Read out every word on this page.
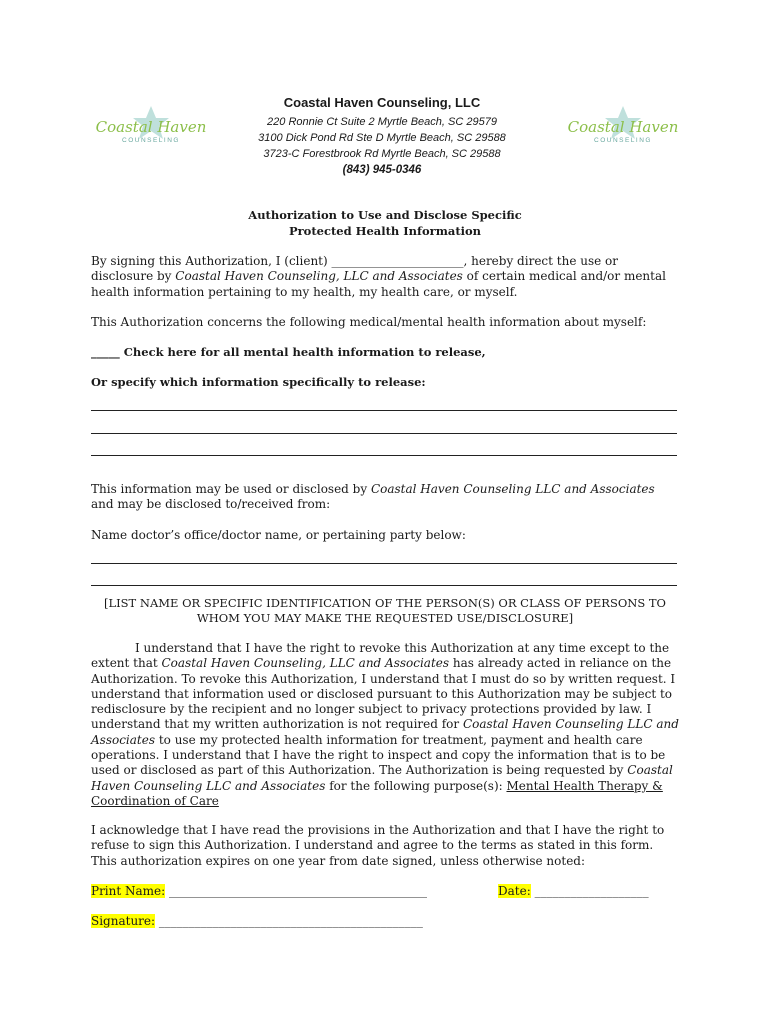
Coastal Haven
COUNSELING
Coastal Haven Counseling, LLC
220 Ronnie Ct Suite 2 Myrtle Beach, SC 29579
3100 Dick Pond Rd Ste D Myrtle Beach, SC 29588
3723-C Forestbrook Rd Myrtle Beach, SC 29588
(843) 945-0346
Coastal Haven
COUNSELING
Authorization to Use and Disclose Specific
Protected Health Information

By signing this Authorization, I (client) ______________________, hereby direct the use or disclosure by Coastal Haven Counseling, LLC and Associates of certain medical and/or mental health information pertaining to my health, my health care, or myself.

This Authorization concerns the following medical/mental health information about myself:
_____ Check here for all mental health information to release,
Or specify which information specifically to release:

This information may be used or disclosed by Coastal Haven Counseling LLC and Associates and may be disclosed to/received from:

Name doctor’s office/doctor name, or pertaining party below:
[LIST NAME OR SPECIFIC IDENTIFICATION OF THE PERSON(S) OR CLASS OF PERSONS TO WHOM YOU MAY MAKE THE REQUESTED USE/DISCLOSURE]

I understand that I have the right to revoke this Authorization at any time except to the extent that Coastal Haven Counseling, LLC and Associates has already acted in reliance on the Authorization. To revoke this Authorization, I understand that I must do so by written request. I understand that information used or disclosed pursuant to this Authorization may be subject to redisclosure by the recipient and no longer subject to privacy protections provided by law. I understand that my written authorization is not required for Coastal Haven Counseling LLC and Associates to use my protected health information for treatment, payment and health care operations. I understand that I have the right to inspect and copy the information that is to be used or disclosed as part of this Authorization. The Authorization is being requested by Coastal Haven Counseling LLC and Associates for the following purpose(s): Mental Health Therapy & Coordination of Care

I acknowledge that I have read the provisions in the Authorization and that I have the right to refuse to sign this Authorization. I understand and agree to the terms as stated in this form. This authorization expires on one year from date signed, unless otherwise noted:
Print Name: ___________________________________________	Date: ___________________
Signature: ____________________________________________
